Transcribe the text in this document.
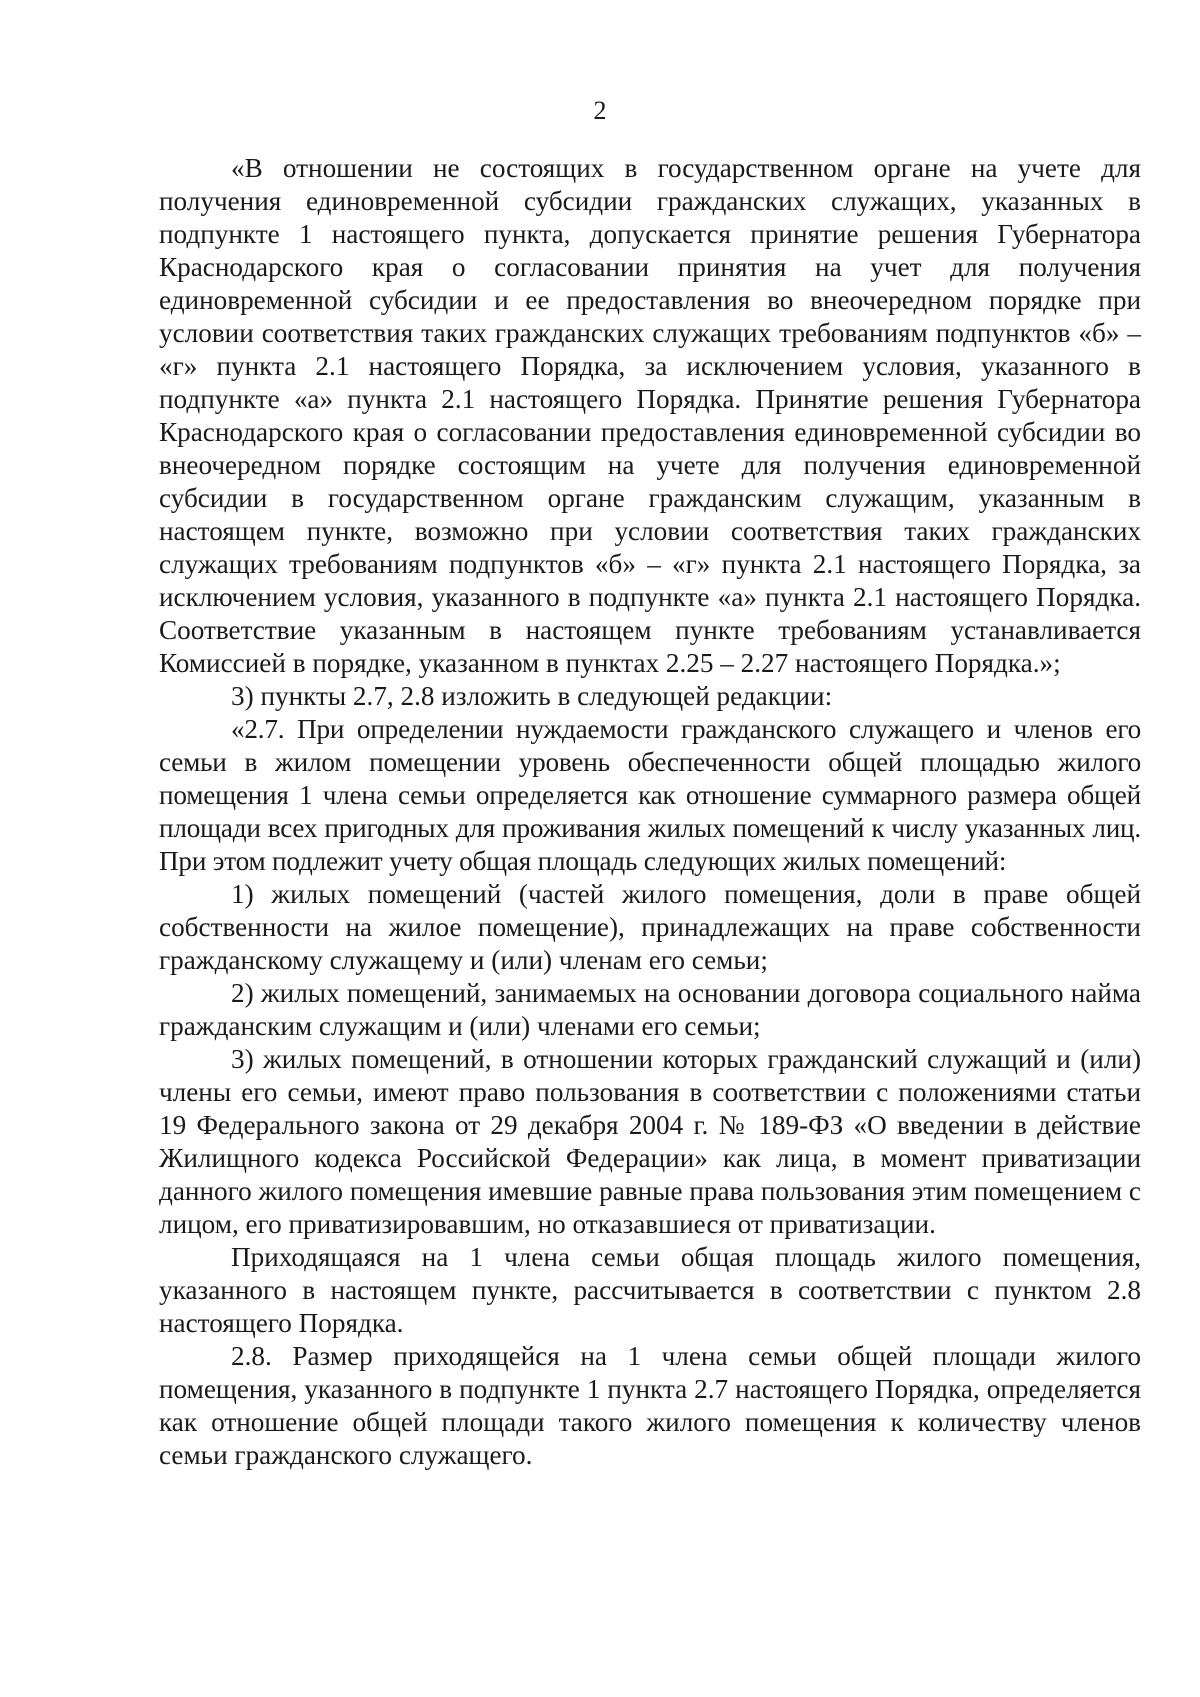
2

«В отношении не состоящих в государственном органе на учете для получения единовременной субсидии гражданских служащих, указанных в подпункте 1 настоящего пункта, допускается принятие решения Губернатора Краснодарского края о согласовании принятия на учет для получения единовременной субсидии и ее предоставления во внеочередном порядке при условии соответствия таких гражданских служащих требованиям подпунктов «б» – «г» пункта 2.1 настоящего Порядка, за исключением условия, указанного в подпункте «а» пункта 2.1 настоящего Порядка. Принятие решения Губернатора Краснодарского края о согласовании предоставления единовременной субсидии во внеочередном порядке состоящим на учете для получения единовременной субсидии в государственном органе гражданским служащим, указанным в настоящем пункте, возможно при условии соответствия таких гражданских служащих требованиям подпунктов «б» – «г» пункта 2.1 настоящего Порядка, за исключением условия, указанного в подпункте «а» пункта 2.1 настоящего Порядка. Соответствие указанным в настоящем пункте требованиям устанавливается Комиссией в порядке, указанном в пунктах 2.25 – 2.27 настоящего Порядка.»;

3) пункты 2.7, 2.8 изложить в следующей редакции:

«2.7. При определении нуждаемости гражданского служащего и членов его семьи в жилом помещении уровень обеспеченности общей площадью жилого помещения 1 члена семьи определяется как отношение суммарного размера общей площади всех пригодных для проживания жилых помещений к числу указанных лиц. При этом подлежит учету общая площадь следующих жилых помещений:

1) жилых помещений (частей жилого помещения, доли в праве общей собственности на жилое помещение), принадлежащих на праве собственности гражданскому служащему и (или) членам его семьи;

2) жилых помещений, занимаемых на основании договора социального найма гражданским служащим и (или) членами его семьи;

3) жилых помещений, в отношении которых гражданский служащий и (или) члены его семьи, имеют право пользования в соответствии с положениями статьи 19 Федерального закона от 29 декабря 2004 г. № 189-ФЗ «О введении в действие Жилищного кодекса Российской Федерации» как лица, в момент приватизации данного жилого помещения имевшие равные права пользования этим помещением с лицом, его приватизировавшим, но отказавшиеся от приватизации.

Приходящаяся на 1 члена семьи общая площадь жилого помещения, указанного в настоящем пункте, рассчитывается в соответствии с пунктом 2.8 настоящего Порядка.

2.8. Размер приходящейся на 1 члена семьи общей площади жилого помещения, указанного в подпункте 1 пункта 2.7 настоящего Порядка, определяется как отношение общей площади такого жилого помещения к количеству членов семьи гражданского служащего.
